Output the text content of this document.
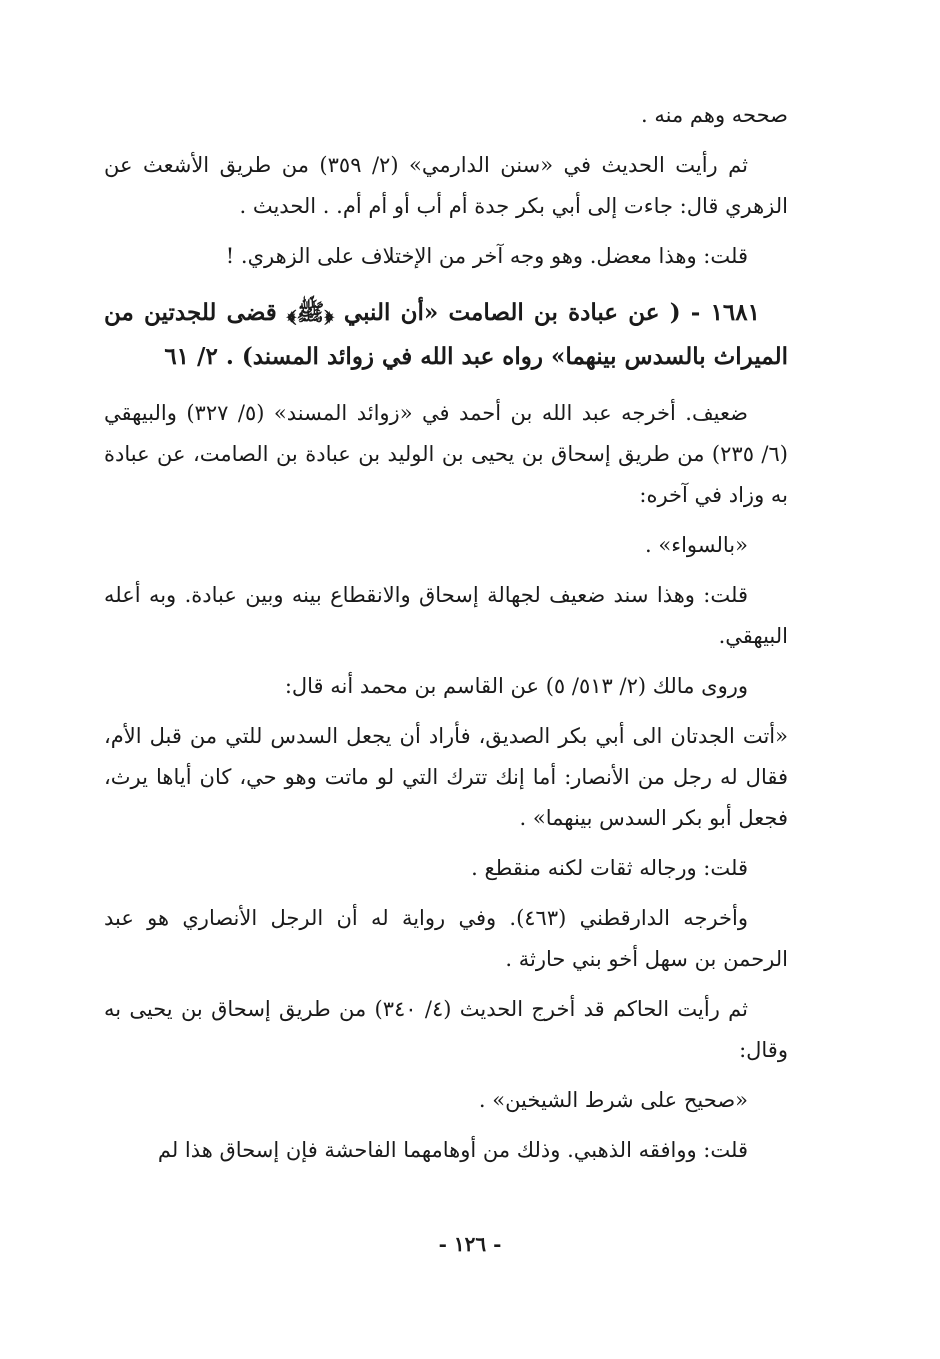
صححه وهم منه .

ثم رأيت الحديث في «سنن الدارمي» (٢/ ٣٥٩) من طريق الأشعث عن الزهري قال: جاءت إلى أبي بكر جدة أم أب أو أم أم. . الحديث .

قلت: وهذا معضل. وهو وجه آخر من الإختلاف على الزهري. !

١٦٨١ - ( عن عبادة بن الصامت «أن النبي ﴿ﷺ﴾ قضى للجدتين من الميراث بالسدس بينهما» رواه عبد الله في زوائد المسند) . ٢/ ٦١

ضعيف. أخرجه عبد الله بن أحمد في «زوائد المسند» (٥/ ٣٢٧) والبيهقي (٦/ ٢٣٥) من طريق إسحاق بن يحيى بن الوليد بن عبادة بن الصامت، عن عبادة به وزاد في آخره:

«بالسواء» .

قلت: وهذا سند ضعيف لجهالة إسحاق والانقطاع بينه وبين عبادة. وبه أعله البيهقي.

وروى مالك (٢/ ٥١٣/ ٥) عن القاسم بن محمد أنه قال:

«أتت الجدتان الى أبي بكر الصديق، فأراد أن يجعل السدس للتي من قبل الأم، فقال له رجل من الأنصار: أما إنك تترك التي لو ماتت وهو حي، كان أياها يرث، فجعل أبو بكر السدس بينهما» .

قلت: ورجاله ثقات لكنه منقطع .

وأخرجه الدارقطني (٤٦٣). وفي رواية له أن الرجل الأنصاري هو عبد الرحمن بن سهل أخو بني حارثة .

ثم رأيت الحاكم قد أخرج الحديث (٤/ ٣٤٠) من طريق إسحاق بن يحيى به وقال:

«صحيح على شرط الشيخين» .

قلت: ووافقه الذهبي. وذلك من أوهامهما الفاحشة فإن إسحاق هذا لم

- ١٢٦ -
